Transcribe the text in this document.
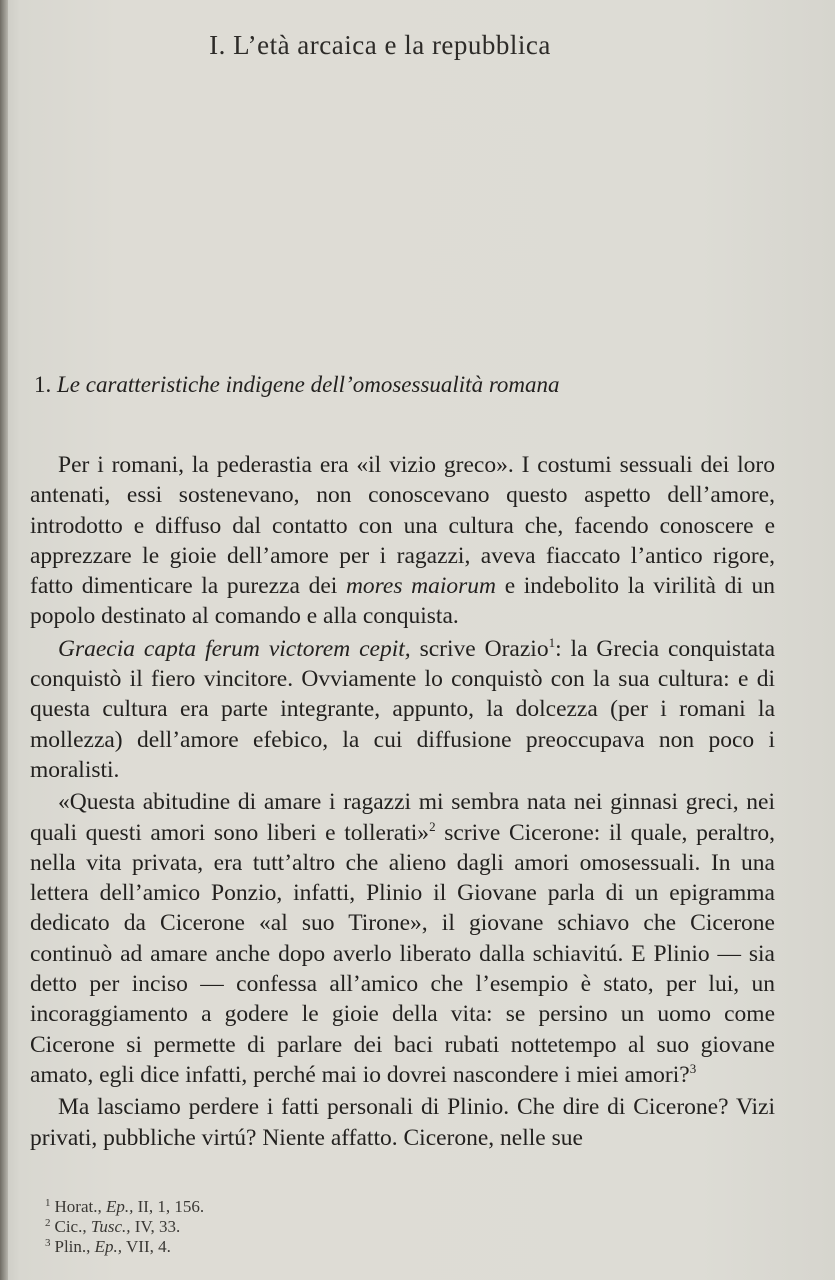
I. L’età arcaica e la repubblica
1. Le caratteristiche indigene dell’omosessualità romana

Per i romani, la pederastia era «il vizio greco». I costumi sessuali dei loro antenati, essi sostenevano, non conoscevano questo aspetto dell’amore, introdotto e diffuso dal contatto con una cultura che, facendo conoscere e apprezzare le gioie dell’amore per i ragazzi, aveva fiaccato l’antico rigore, fatto dimenticare la purezza dei mores maiorum e indebolito la virilità di un popolo destinato al comando e alla conquista.

Graecia capta ferum victorem cepit, scrive Orazio$^1$: la Grecia conquistata conquistò il fiero vincitore. Ovviamente lo conquistò con la sua cultura: e di questa cultura era parte integrante, appunto, la dolcezza (per i romani la mollezza) dell’amore efebico, la cui diffusione preoccupava non poco i moralisti.

«Questa abitudine di amare i ragazzi mi sembra nata nei ginnasi greci, nei quali questi amori sono liberi e tollerati»$^2$ scrive Cicerone: il quale, peraltro, nella vita privata, era tutt’altro che alieno dagli amori omosessuali. In una lettera dell’amico Ponzio, infatti, Plinio il Giovane parla di un epigramma dedicato da Cicerone «al suo Tirone», il giovane schiavo che Cicerone continuò ad amare anche dopo averlo liberato dalla schiavitú. E Plinio — sia detto per inciso — confessa all’amico che l’esempio è stato, per lui, un incoraggiamento a godere le gioie della vita: se persino un uomo come Cicerone si permette di parlare dei baci rubati nottetempo al suo giovane amato, egli dice infatti, perché mai io dovrei nascondere i miei amori?$^3$

Ma lasciamo perdere i fatti personali di Plinio. Che dire di Cicerone? Vizi privati, pubbliche virtú? Niente affatto. Cicerone, nelle sue

$^1$ Horat., Ep., II, 1, 156.
$^2$ Cic., Tusc., IV, 33.
$^3$ Plin., Ep., VII, 4.
